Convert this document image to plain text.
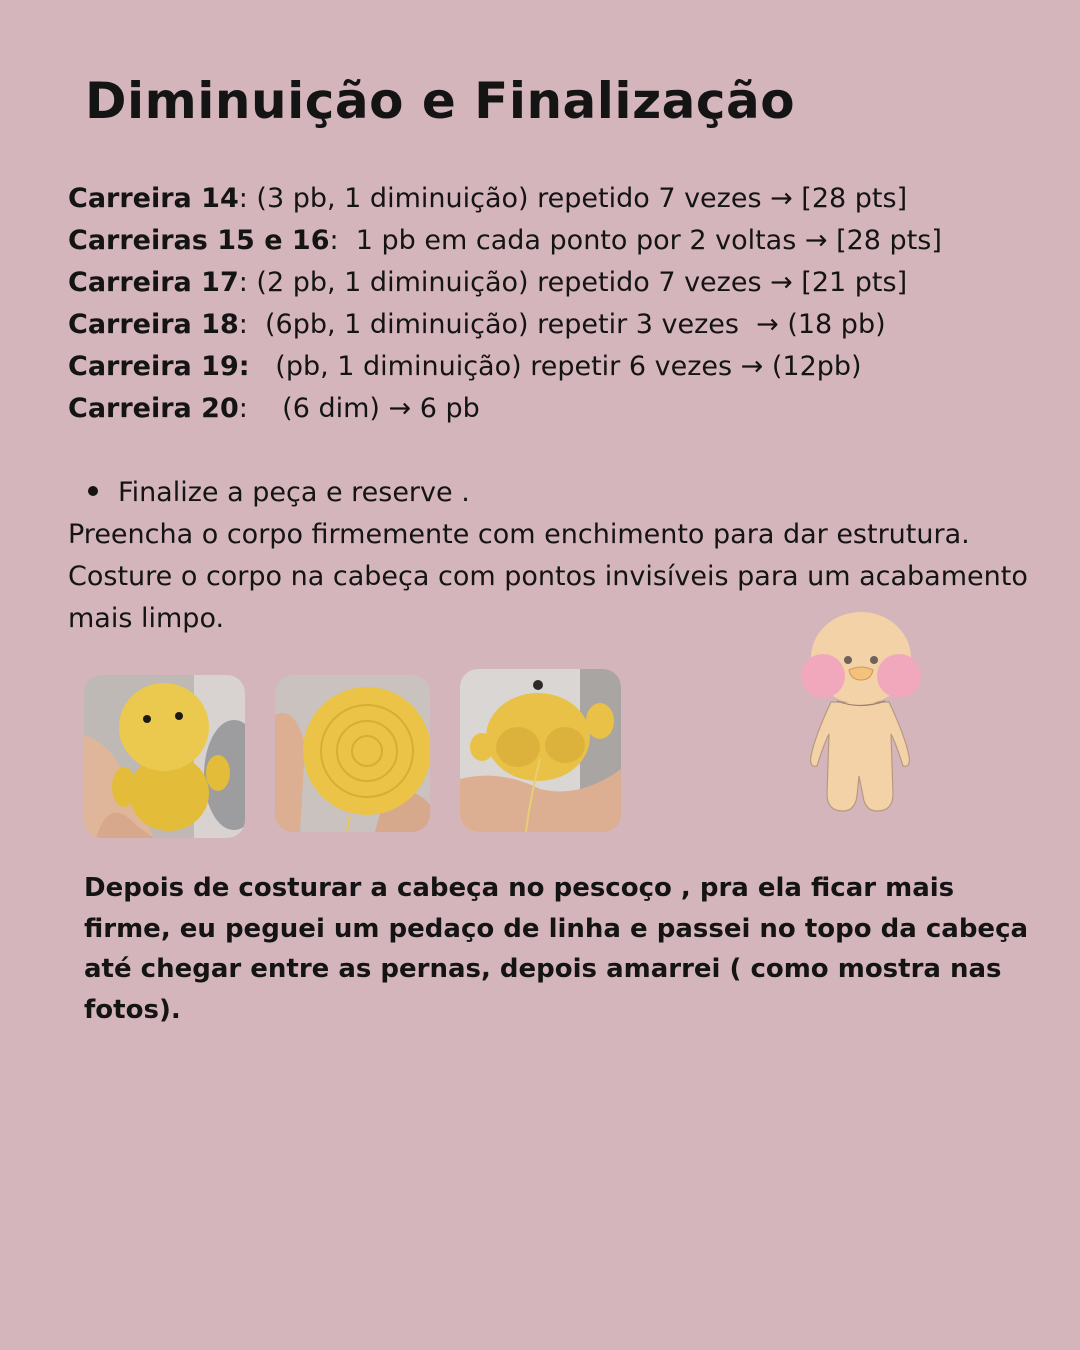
Diminuição e Finalização
Carreira 14: (3 pb, 1 diminuição) repetido 7 vezes → [28 pts]
Carreiras 15 e 16:  1 pb em cada ponto por 2 voltas → [28 pts]
Carreira 17: (2 pb, 1 diminuição) repetido 7 vezes → [21 pts]
Carreira 18:  (6pb, 1 diminuição) repetir 3 vezes  → (18 pb)
Carreira 19:   (pb, 1 diminuição) repetir 6 vezes → (12pb)
Carreira 20:    (6 dim) → 6 pb
Finalize a peça e reserve .

Preencha o corpo firmemente com enchimento para dar estrutura. Costure o corpo na cabeça com pontos invisíveis para um acabamento mais limpo.

Depois de costurar a cabeça no pescoço , pra ela ficar mais firme, eu peguei um pedaço de linha e passei no topo da cabeça até chegar entre as pernas, depois amarrei ( como mostra nas fotos).
